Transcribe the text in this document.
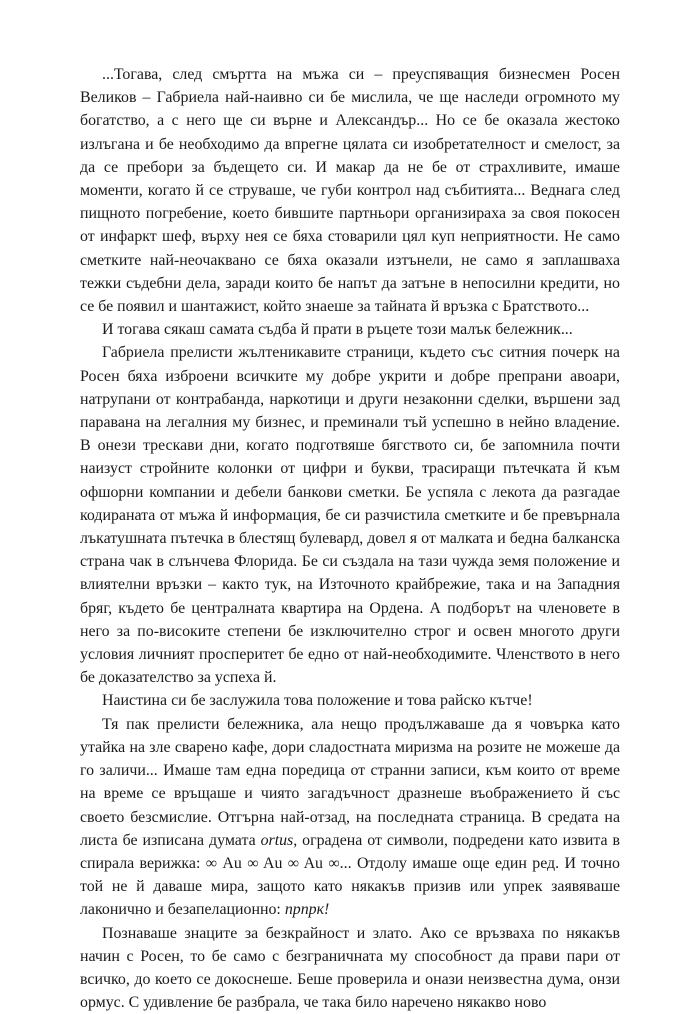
...Тогава, след смъртта на мъжа си – преуспяващия бизнесмен Росен Великов – Габриела най-наивно си бе мислила, че ще наследи огромното му богатство, а с него ще си върне и Александър... Но се бе оказала жестоко излъгана и бе необходимо да впрегне цялата си изобретателност и смелост, за да се пребори за бъдещето си. И макар да не бе от страхливите, имаше моменти, когато й се струваше, че губи контрол над събитията... Веднага след пищното погребение, което бившите партньори организираха за своя покосен от инфаркт шеф, върху нея се бяха стоварили цял куп неприятности. Не само сметките най-неочаквано се бяха оказали изтънели, не само я заплашваха тежки съдебни дела, заради които бе напът да затъне в непосилни кредити, но се бе появил и шантажист, който знаеше за тайната й връзка с Братството...

И тогава сякаш самата съдба й прати в ръцете този малък бележник...

Габриела прелисти жълтеникавите страници, където със ситния почерк на Росен бяха изброени всичките му добре укрити и добре препрани авоари, натрупани от контрабанда, наркотици и други незаконни сделки, вършени зад паравана на легалния му бизнес, и преминали тъй успешно в нейно владение. В онези трескави дни, когато подготвяше бягството си, бе запомнила почти наизуст стройните колонки от цифри и букви, трасиращи пътечката й към офшорни компании и дебели банкови сметки. Бе успяла с лекота да разгадае кодираната от мъжа й информация, бе си разчистила сметките и бе превърнала лъкатушната пътечка в блестящ булевард, довел я от малката и бедна балканска страна чак в слънчева Флорида. Бе си създала на тази чужда земя положение и влиятелни връзки – както тук, на Източното крайбрежие, така и на Западния бряг, където бе централната квартира на Ордена. А подборът на членовете в него за по-високите степени бе изключително строг и освен многото други условия личният просперитет бе едно от най-необходимите. Членството в него бе доказателство за успеха й.

Наистина си бе заслужила това положение и това райско кътче!

Тя пак прелисти бележника, ала нещо продължаваше да я човърка като утайка на зле сварено кафе, дори сладостната миризма на розите не можеше да го заличи... Имаше там една поредица от странни записи, към които от време на време се връщаше и чиято загадъчност дразнеше въображението й със своето безсмислие. Отгърна най-отзад, на последната страница. В средата на листа бе изписана думата ortus, оградена от символи, подредени като извита в спирала верижка: ∞ Au ∞ Au ∞ Au ∞... Отдолу имаше още един ред. И точно той не й даваше мира, защото като някакъв призив или упрек заявяваше лаконично и безапелационно: прпрк!

Познаваше знаците за безкрайност и злато. Ако се връзваха по някакъв начин с Росен, то бе само с безграничната му способност да прави пари от всичко, до което се докоснеше. Беше проверила и онази неизвестна дума, онзи ормус. С удивление бе разбрала, че така било наречено някакво ново
